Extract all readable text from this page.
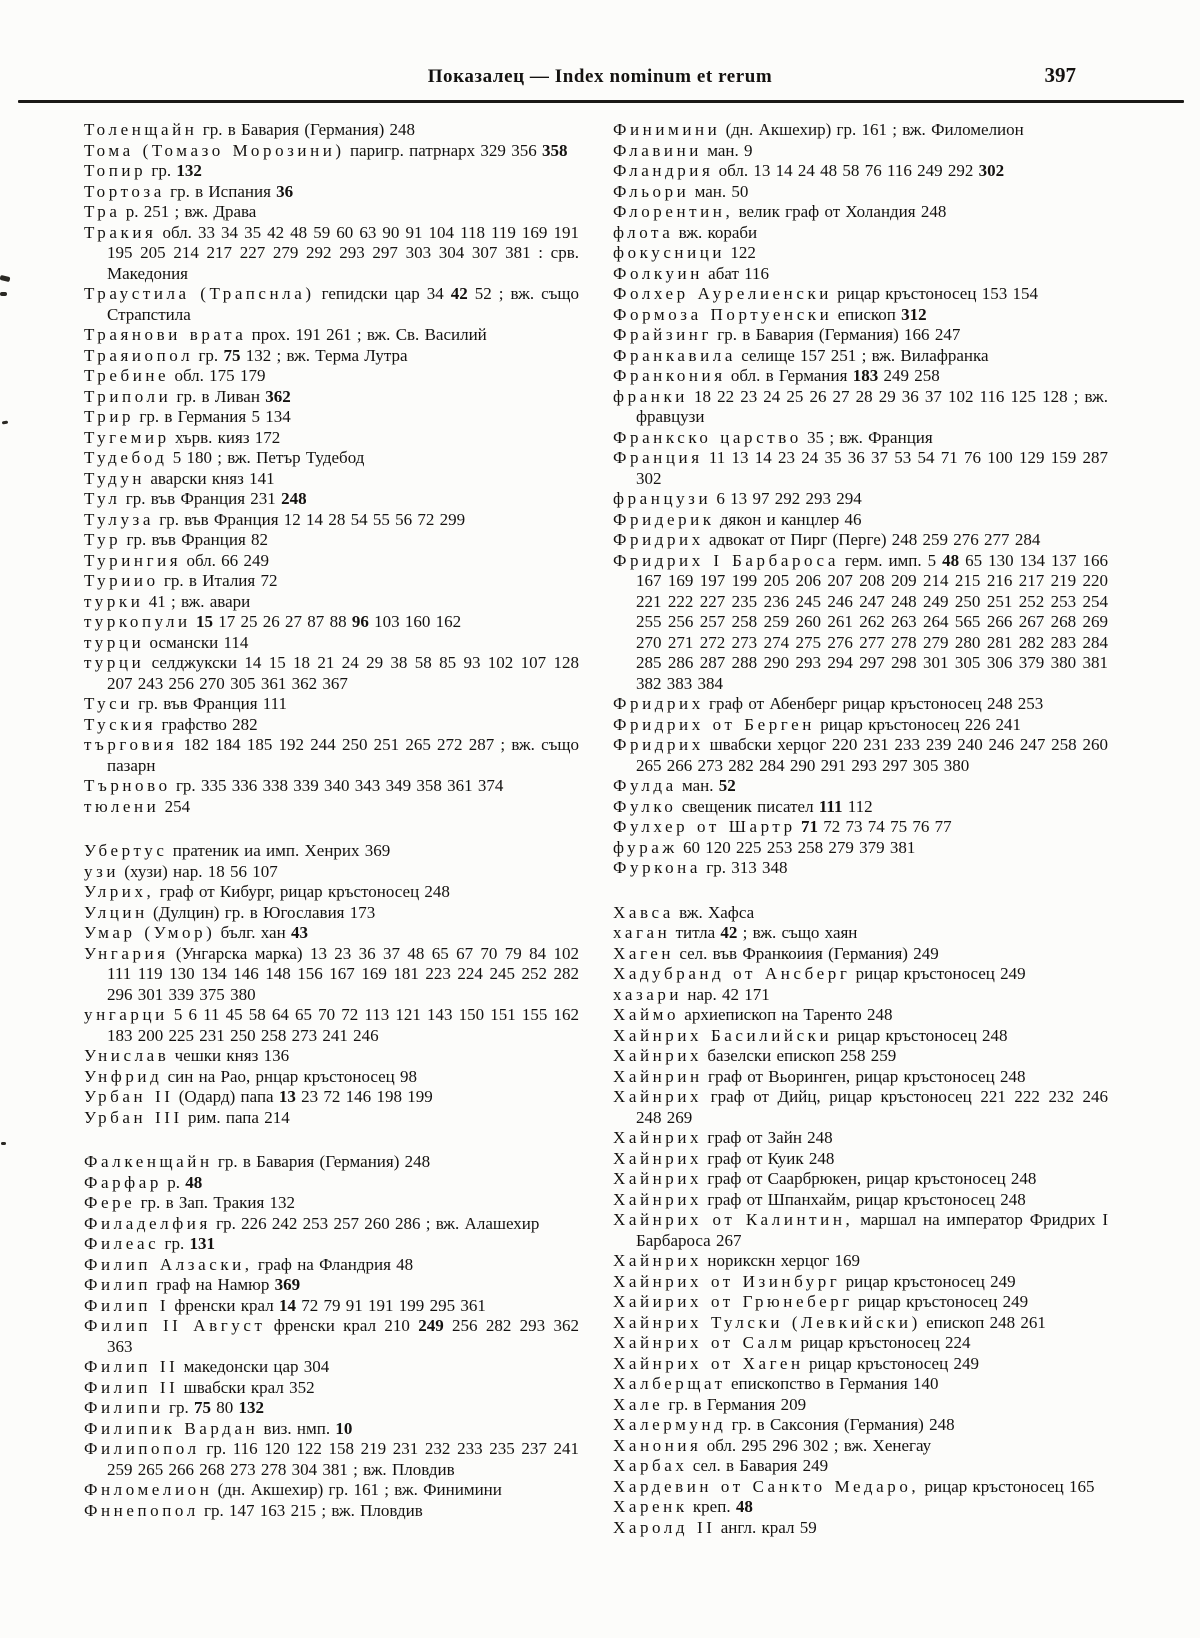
Показалец — Index nominum et rerum	397
Толенщайн гр. в Бавария (Германия) 248
Тома (Томазо Морозини) паригр. патрнарх 329 356 358
Топир гр. 132
Тортоза гр. в Испания 36
Тра р. 251 ; вж. Драва
Тракия обл. 33 34 35 42 48 59 60 63 90 91 104 118 119 169 191 195 205 214 217 227 279 292 293 297 303 304 307 381 : срв. Македония
Траустила (Трапснла) гепидски цар 34 42 52 ; вж. също Страпстила
Траянови врата прох. 191 261 ; вж. Св. Василий
Траяиопол гр. 75 132 ; вж. Терма Лутра
Требине обл. 175 179
Триполи гр. в Ливан 362
Трир гр. в Германия 5 134
Тугемир хърв. кияз 172
Тудебод 5 180 ; вж. Петър Тудебод
Тудун аварски княз 141
Тул гр. във Франция 231 248
Тулуза гр. във Франция 12 14 28 54 55 56 72 299
Тур гр. във Франция 82
Турингия обл. 66 249
Туриио гр. в Италия 72
турки 41 ; вж. авари
туркопули 15 17 25 26 27 87 88 96 103 160 162
турци османски 114
турци селджукски 14 15 18 21 24 29 38 58 85 93 102 107 128 207 243 256 270 305 361 362 367
Туси гр. във Франция 111
Туския графство 282
търговия 182 184 185 192 244 250 251 265 272 287 ; вж. също пазарн
Търново гр. 335 336 338 339 340 343 349 358 361 374
тюлени 254
Убертус пратеник иа имп. Хенрих 369
узи (хузи) нар. 18 56 107
Улрих, граф от Кибург, рицар кръстоносец 248
Улцин (Дулцин) гр. в Югославия 173
Умар (Умор) бълг. хан 43
Унгария (Унгарска марка) 13 23 36 37 48 65 67 70 79 84 102 111 119 130 134 146 148 156 167 169 181 223 224 245 252 282 296 301 339 375 380
унгарци 5 6 11 45 58 64 65 70 72 113 121 143 150 151 155 162 183 200 225 231 250 258 273 241 246
Унислав чешки княз 136
Унфрид син на Рао, рнцар кръстоносец 98
Урбан II (Одард) папа 13 23 72 146 198 199
Урбан III рим. папа 214
Фалкенщайн гр. в Бавария (Германия) 248
Фарфар р. 48
Фере гр. в Зап. Тракия 132
Филаделфия гр. 226 242 253 257 260 286 ; вж. Алашехир
Филеас гр. 131
Филип Алзаски, граф на Фландрия 48
Филип граф на Намюр 369
Филип I френски крал 14 72 79 91 191 199 295 361
Филип II Август френски крал 210 249 256 282 293 362 363
Филип II македонски цар 304
Филип II швабски крал 352
Филипи гр. 75 80 132
Филипик Вардан виз. нмп. 10
Филипопол гр. 116 120 122 158 219 231 232 233 235 237 241 259 265 266 268 273 278 304 381 ; вж. Пловдив
Фнломелион (дн. Акшехир) гр. 161 ; вж. Финимини
Фннепопол гр. 147 163 215 ; вж. Пловдив
Финимини (дн. Акшехир) гр. 161 ; вж. Филомелион
Флавини ман. 9
Фландрия обл. 13 14 24 48 58 76 116 249 292 302
Фльори ман. 50
Флорентин, велик граф от Холандия 248
флота вж. кораби
фокусници 122
Фолкуин абат 116
Фолхер Аурелиенски рицар кръстоносец 153 154
Формоза Портуенски епископ 312
Фрайзинг гр. в Бавария (Германия) 166 247
Франкавила селище 157 251 ; вж. Вилафранка
Франкония обл. в Германия 183 249 258
франки 18 22 23 24 25 26 27 28 29 36 37 102 116 125 128 ; вж. фравцузи
Франкско царство 35 ; вж. Франция
Франция 11 13 14 23 24 35 36 37 53 54 71 76 100 129 159 287 302
французи 6 13 97 292 293 294
Фридерик дякон и канцлер 46
Фридрих адвокат от Пирг (Перге) 248 259 276 277 284
Фридрих I Барбароса герм. имп. 5 48 65 130 134 137 166 167 169 197 199 205 206 207 208 209 214 215 216 217 219 220 221 222 227 235 236 245 246 247 248 249 250 251 252 253 254 255 256 257 258 259 260 261 262 263 264 565 266 267 268 269 270 271 272 273 274 275 276 277 278 279 280 281 282 283 284 285 286 287 288 290 293 294 297 298 301 305 306 379 380 381 382 383 384
Фридрих граф от Абенберг рицар кръстоносец 248 253
Фридрих от Берген рицар кръстоносец 226 241
Фридрих швабски херцог 220 231 233 239 240 246 247 258 260 265 266 273 282 284 290 291 293 297 305 380
Фулда ман. 52
Фулко свещеник писател 111 112
Фулхер от Шартр 71 72 73 74 75 76 77
фураж 60 120 225 253 258 279 379 381
Фуркона гр. 313 348
Хавса вж. Хафса
хаган титла 42 ; вж. също хаян
Хаген сел. във Франкоиия (Германия) 249
Хадубранд от Ансберг рицар кръстоносец 249
хазари нар. 42 171
Хаймо архиепископ на Таренто 248
Хайнрих Басилийски рицар кръстоносец 248
Хайнрих базелски епископ 258 259
Хайнрин граф от Вьоринген, рицар кръстоносец 248
Хайнрих граф от Дийц, рицар кръстоносец 221 222 232 246 248 269
Хайнрих граф от Зайн 248
Хайнрих граф от Куик 248
Хайнрих граф от Саарбрюкен, рицар кръстоносец 248
Хайнрих граф от Шпанхайм, рицар кръстоносец 248
Хайнрих от Калинтин, маршал на император Фридрих I Барбароса 267
Хайнрих норикскн херцог 169
Хайнрих от Изинбург рицар кръстоносец 249
Хайирих от Грюнеберг рицар кръстоносец 249
Хайнрих Тулски (Левкийски) епископ 248 261
Хайнрих от Салм рицар кръстоносец 224
Хайнрих от Хаген рицар кръстоносец 249
Халберщат епископство в Германия 140
Хале гр. в Германия 209
Халермунд гр. в Саксония (Германия) 248
Ханония обл. 295 296 302 ; вж. Хенегау
Харбах сел. в Бавария 249
Хардевин от Санкто Медаро, рицар кръстоносец 165
Харенк креп. 48
Харолд II англ. крал 59
